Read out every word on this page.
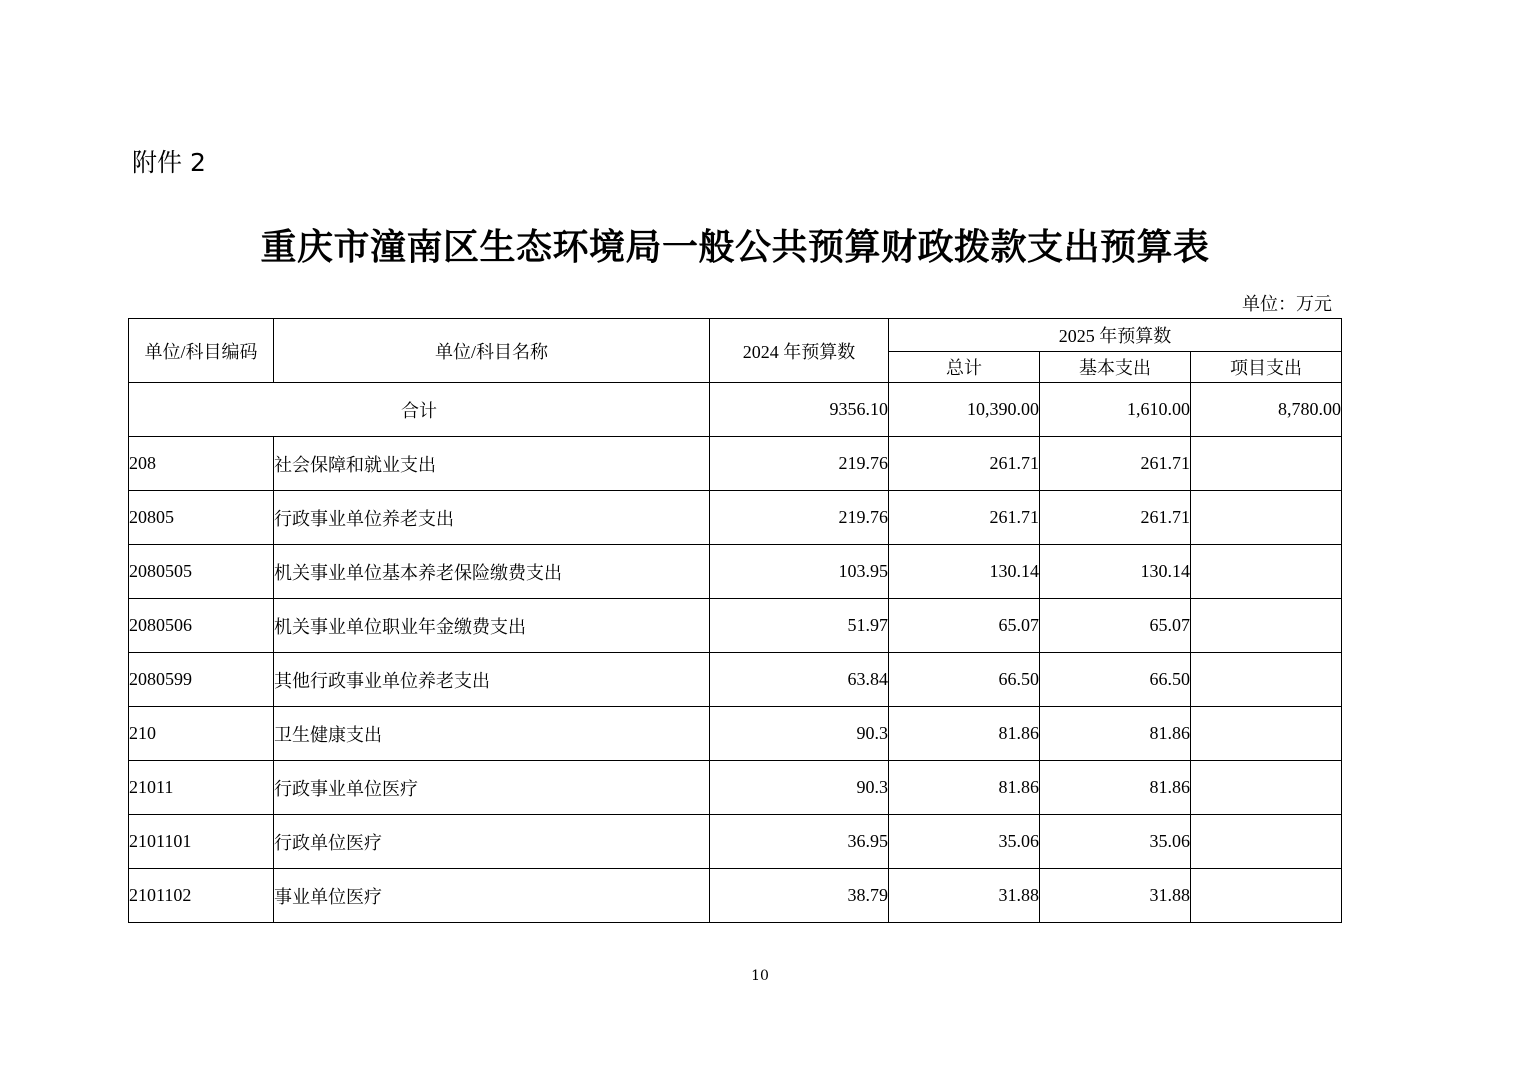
附件 2
重庆市潼南区生态环境局一般公共预算财政拨款支出预算表
单位：万元
单位/科目编码	单位/科目名称	2024 年预算数	2025 年预算数		
			总计	基本支出	项目支出
合计		9356.10	10,390.00	1,610.00	8,780.00
208	社会保障和就业支出	219.76	261.71	261.71	
20805	行政事业单位养老支出	219.76	261.71	261.71	
2080505	机关事业单位基本养老保险缴费支出	103.95	130.14	130.14	
2080506	机关事业单位职业年金缴费支出	51.97	65.07	65.07	
2080599	其他行政事业单位养老支出	63.84	66.50	66.50	
210	卫生健康支出	90.3	81.86	81.86	
21011	行政事业单位医疗	90.3	81.86	81.86	
2101101	行政单位医疗	36.95	35.06	35.06	
2101102	事业单位医疗	38.79	31.88	31.88	
10
